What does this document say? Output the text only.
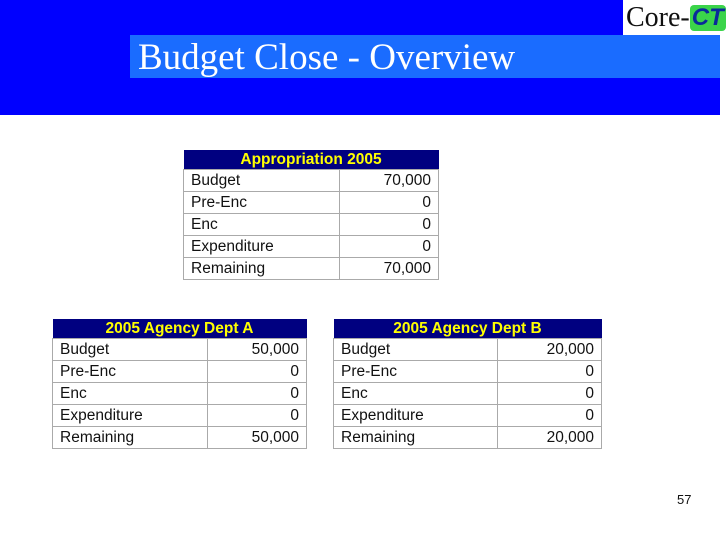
Budget Close - Overview
Core- CT
Appropriation 2005	
Budget	70,000
Pre-Enc	0
Enc	0
Expenditure	0
Remaining	70,000
2005 Agency Dept A	
Budget	50,000
Pre-Enc	0
Enc	0
Expenditure	0
Remaining	50,000
2005 Agency Dept B	
Budget	20,000
Pre-Enc	0
Enc	0
Expenditure	0
Remaining	20,000
57
